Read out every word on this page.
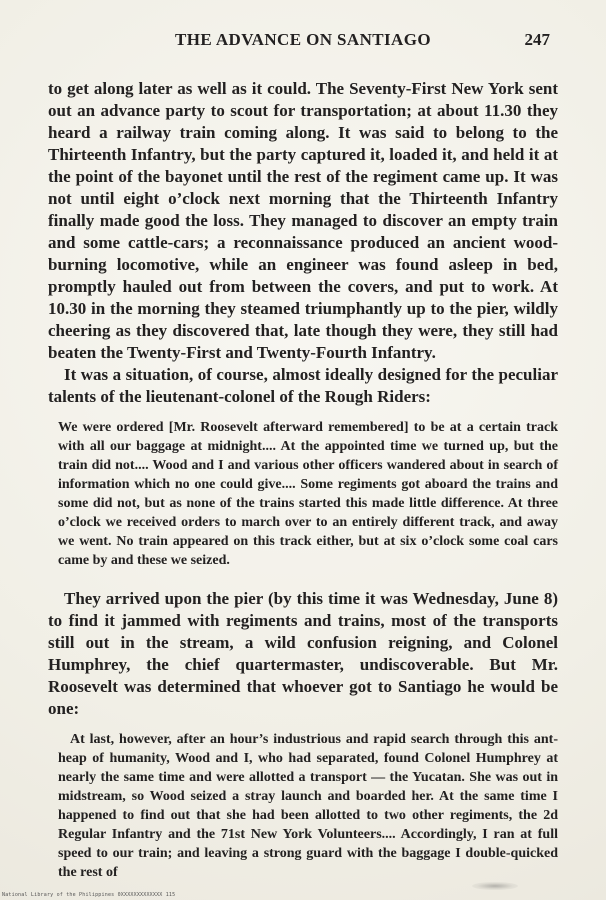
THE ADVANCE ON SANTIAGO	247

to get along later as well as it could. The Seventy-First New York sent out an advance party to scout for transportation; at about 11.30 they heard a railway train coming along. It was said to belong to the Thirteenth Infantry, but the party captured it, loaded it, and held it at the point of the bayonet until the rest of the regiment came up. It was not until eight o’clock next morning that the Thirteenth Infantry finally made good the loss. They managed to discover an empty train and some cattle-cars; a reconnaissance produced an ancient wood-burning locomotive, while an engineer was found asleep in bed, promptly hauled out from between the covers, and put to work. At 10.30 in the morning they steamed triumphantly up to the pier, wildly cheering as they discovered that, late though they were, they still had beaten the Twenty-First and Twenty-Fourth Infantry.

It was a situation, of course, almost ideally designed for the peculiar talents of the lieutenant-colonel of the Rough Riders:

We were ordered [Mr. Roosevelt afterward remembered] to be at a certain track with all our baggage at midnight.... At the appointed time we turned up, but the train did not.... Wood and I and various other officers wandered about in search of information which no one could give.... Some regiments got aboard the trains and some did not, but as none of the trains started this made little difference. At three o’clock we received orders to march over to an entirely different track, and away we went. No train appeared on this track either, but at six o’clock some coal cars came by and these we seized.

They arrived upon the pier (by this time it was Wednesday, June 8) to find it jammed with regiments and trains, most of the transports still out in the stream, a wild confusion reigning, and Colonel Humphrey, the chief quartermaster, undiscoverable. But Mr. Roosevelt was determined that whoever got to Santiago he would be one:

At last, however, after an hour’s industrious and rapid search through this ant-heap of humanity, Wood and I, who had separated, found Colonel Humphrey at nearly the same time and were allotted a transport — the Yucatan. She was out in midstream, so Wood seized a stray launch and boarded her. At the same time I happened to find out that she had been allotted to two other regiments, the 2d Regular Infantry and the 71st New York Volunteers.... Accordingly, I ran at full speed to our train; and leaving a strong guard with the baggage I double-quicked the rest of

National Library of the Philippines 0XXXXXXXXXXXXX 115
